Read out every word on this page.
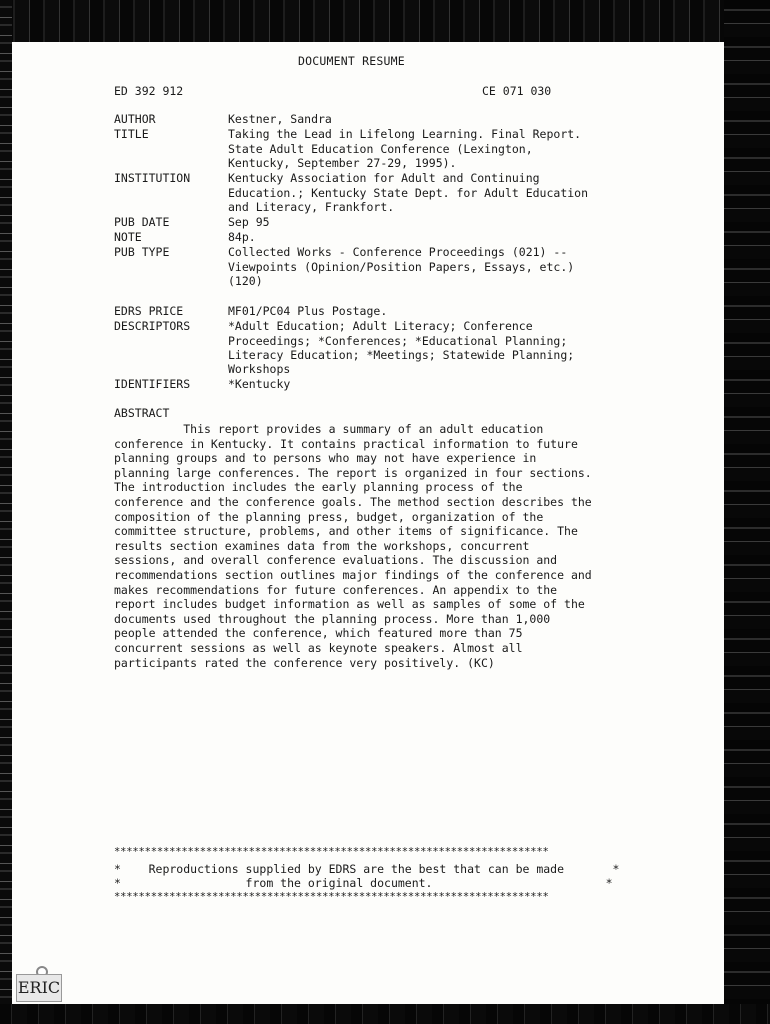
DOCUMENT RESUME
ED 392 912	CE 071 030
AUTHOR	Kestner, Sandra
TITLE	Taking the Lead in Lifelong Learning. Final Report.
State Adult Education Conference (Lexington,
Kentucky, September 27-29, 1995).
INSTITUTION	Kentucky Association for Adult and Continuing
Education.; Kentucky State Dept. for Adult Education
and Literacy, Frankfort.
PUB DATE	Sep 95
NOTE	84p.
PUB TYPE	Collected Works - Conference Proceedings (021) --
Viewpoints (Opinion/Position Papers, Essays, etc.)
(120)
EDRS PRICE	MF01/PC04 Plus Postage.
DESCRIPTORS	*Adult Education; Adult Literacy; Conference
Proceedings; *Conferences; *Educational Planning;
Literacy Education; *Meetings; Statewide Planning;
Workshops
IDENTIFIERS	*Kentucky
ABSTRACT
This report provides a summary of an adult education
conference in Kentucky. It contains practical information to future
planning groups and to persons who may not have experience in
planning large conferences. The report is organized in four sections.
The introduction includes the early planning process of the
conference and the conference goals. The method section describes the
composition of the planning press, budget, organization of the
committee structure, problems, and other items of significance. The
results section examines data from the workshops, concurrent
sessions, and overall conference evaluations. The discussion and
recommendations section outlines major findings of the conference and
makes recommendations for future conferences. An appendix to the
report includes budget information as well as samples of some of the
documents used throughout the planning process. More than 1,000
people attended the conference, which featured more than 75
concurrent sessions as well as keynote speakers. Almost all
participants rated the conference very positively. (KC)
***********************************************************************
*    Reproductions supplied by EDRS are the best that can be made       *
*                  from the original document.                         *
***********************************************************************
ERIC
